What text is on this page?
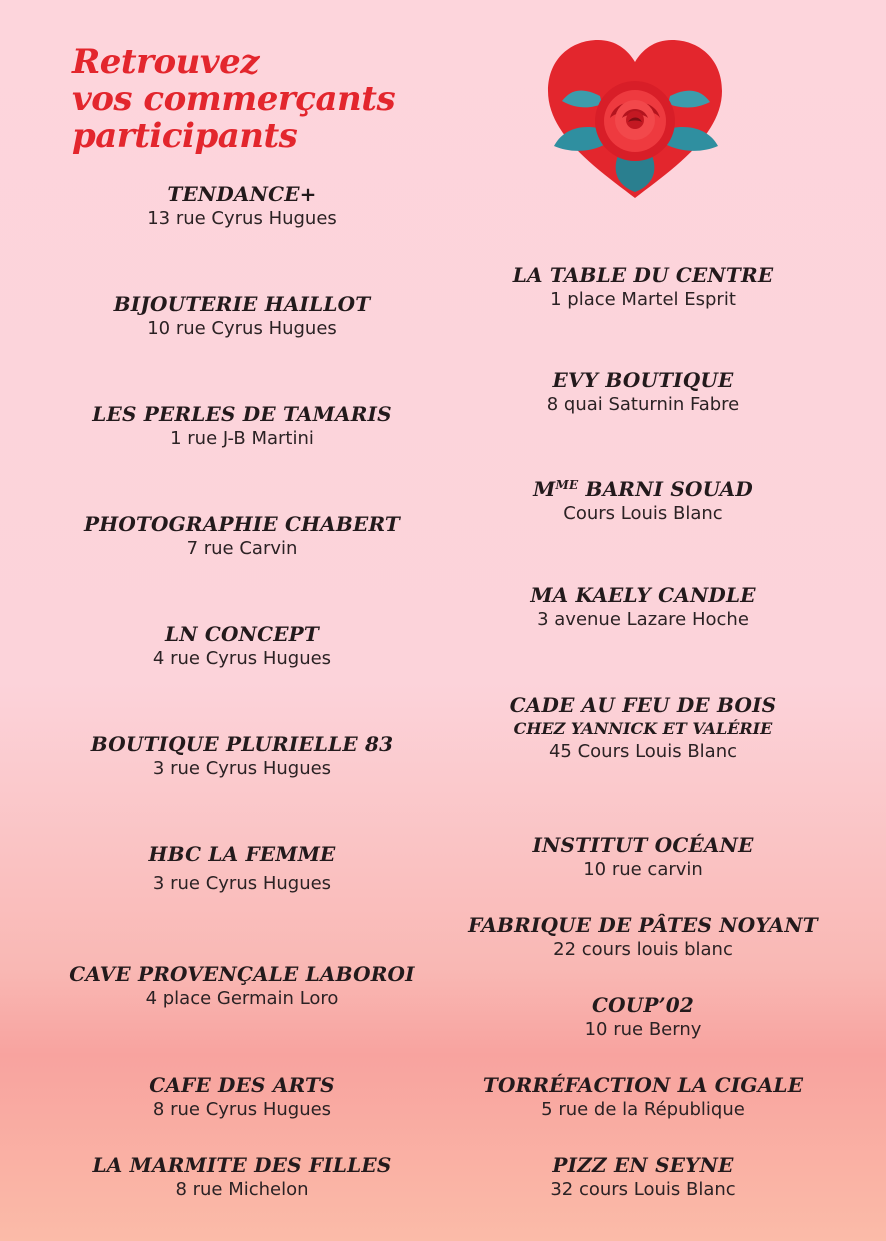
Retrouvez
vos commerçants
participants
TENDANCE+
13 rue Cyrus Hugues
BIJOUTERIE HAILLOT
10 rue Cyrus Hugues
LES PERLES DE TAMARIS
1 rue J-B Martini
PHOTOGRAPHIE CHABERT
7 rue Carvin
LN CONCEPT
4 rue Cyrus Hugues
BOUTIQUE PLURIELLE 83
3 rue Cyrus Hugues
HBC LA FEMME
3 rue Cyrus Hugues
CAVE PROVENÇALE LABOROI
4 place Germain Loro
CAFE DES ARTS
8 rue Cyrus Hugues
LA MARMITE DES FILLES
8 rue Michelon
LA TABLE DU CENTRE
1 place Martel Esprit
EVY BOUTIQUE
8 quai Saturnin Fabre
$M^{ME}$ BARNI SOUAD
Cours Louis Blanc
MA KAELY CANDLE
3 avenue Lazare Hoche
CADE AU FEU DE BOIS
CHEZ YANNICK ET VALÉRIE
45 Cours Louis Blanc
INSTITUT OCÉANE
10 rue carvin
FABRIQUE DE PÂTES NOYANT
22 cours louis blanc
COUP’02
10 rue Berny
TORRÉFACTION LA CIGALE
5 rue de la République
PIZZ EN SEYNE
32 cours Louis Blanc
